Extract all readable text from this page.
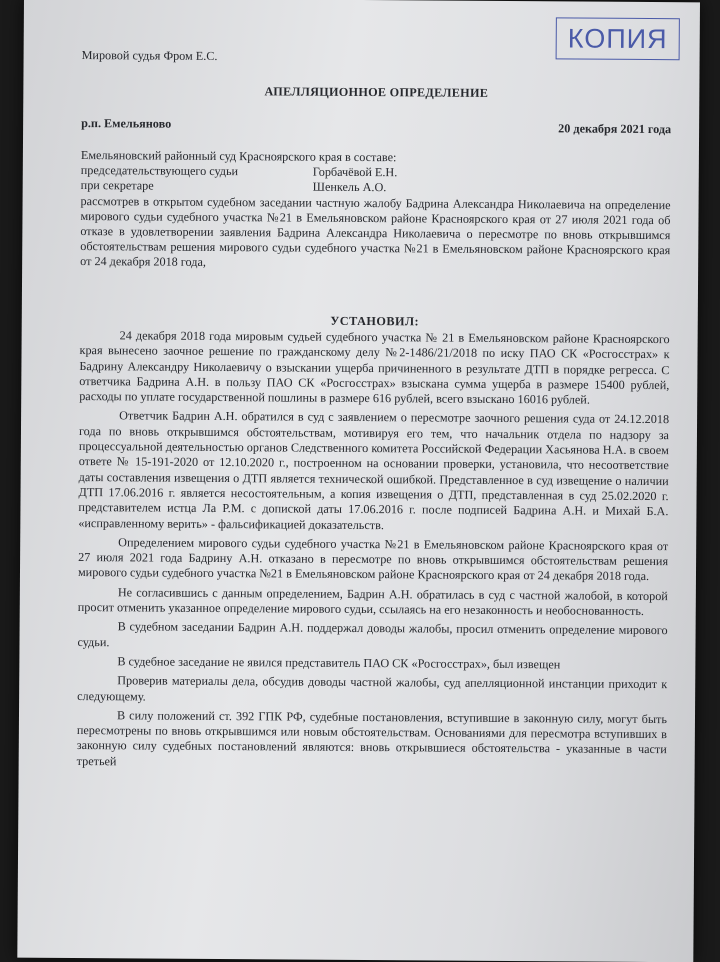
КОПИЯ
Мировой судья Фром Е.С.
АПЕЛЛЯЦИОННОЕ ОПРЕДЕЛЕНИЕ
р.п. Емельяново	20 декабря 2021 года
Емельяновский районный суд Красноярского края в составе:
председательствующего судьи	Горбачёвой Е.Н.
при секретаре	Шенкель А.О.
рассмотрев в открытом судебном заседании частную жалобу Бадрина Александра Николаевича на определение мирового судьи судебного участка №21 в Емельяновском районе Красноярского края от 27 июля 2021 года об отказе в удовлетворении заявления Бадрина Александра Николаевича о пересмотре по вновь открывшимся обстоятельствам решения мирового судьи судебного участка №21 в Емельяновском районе Красноярского края от 24 декабря 2018 года,
УСТАНОВИЛ:

24 декабря 2018 года мировым судьей судебного участка № 21 в Емельяновском районе Красноярского края вынесено заочное решение по гражданскому делу №2-1486/21/2018 по иску ПАО СК «Росгосстрах» к Бадрину Александру Николаевичу о взыскании ущерба причиненного в результате ДТП в порядке регресса. С ответчика Бадрина А.Н. в пользу ПАО СК «Росгосстрах» взыскана сумма ущерба в размере 15400 рублей, расходы по уплате государственной пошлины в размере 616 рублей, всего взыскано 16016 рублей.

Ответчик Бадрин А.Н. обратился в суд с заявлением о пересмотре заочного решения суда от 24.12.2018 года по вновь открывшимся обстоятельствам, мотивируя его тем, что начальник отдела по надзору за процессуальной деятельностью органов Следственного комитета Российской Федерации Хасьянова Н.А. в своем ответе № 15-191-2020 от 12.10.2020 г., построенном на основании проверки, установила, что несоответствие даты составления извещения о ДТП является технической ошибкой. Представленное в суд извещение о наличии ДТП 17.06.2016 г. является несостоятельным, а копия извещения о ДТП, представленная в суд 25.02.2020 г. представителем истца Ла Р.М. с допиской даты 17.06.2016 г. после подписей Бадрина А.Н. и Михай Б.А. «исправленному верить» - фальсификацией доказательств.

Определением мирового судьи судебного участка №21 в Емельяновском районе Красноярского края от 27 июля 2021 года Бадрину А.Н. отказано в пересмотре по вновь открывшимся обстоятельствам решения мирового судьи судебного участка №21 в Емельяновском районе Красноярского края от 24 декабря 2018 года.

Не согласившись с данным определением, Бадрин А.Н. обратилась в суд с частной жалобой, в которой просит отменить указанное определение мирового судьи, ссылаясь на его незаконность и необоснованность.

В судебном заседании Бадрин А.Н. поддержал доводы жалобы, просил отменить определение мирового судьи.

В судебное заседание не явился представитель ПАО СК «Росгосстрах», был извещен

Проверив материалы дела, обсудив доводы частной жалобы, суд апелляционной инстанции приходит к следующему.

В силу положений ст. 392 ГПК РФ, судебные постановления, вступившие в законную силу, могут быть пересмотрены по вновь открывшимся или новым обстоятельствам. Основаниями для пересмотра вступивших в законную силу судебных постановлений являются: вновь открывшиеся обстоятельства - указанные в части третьей
